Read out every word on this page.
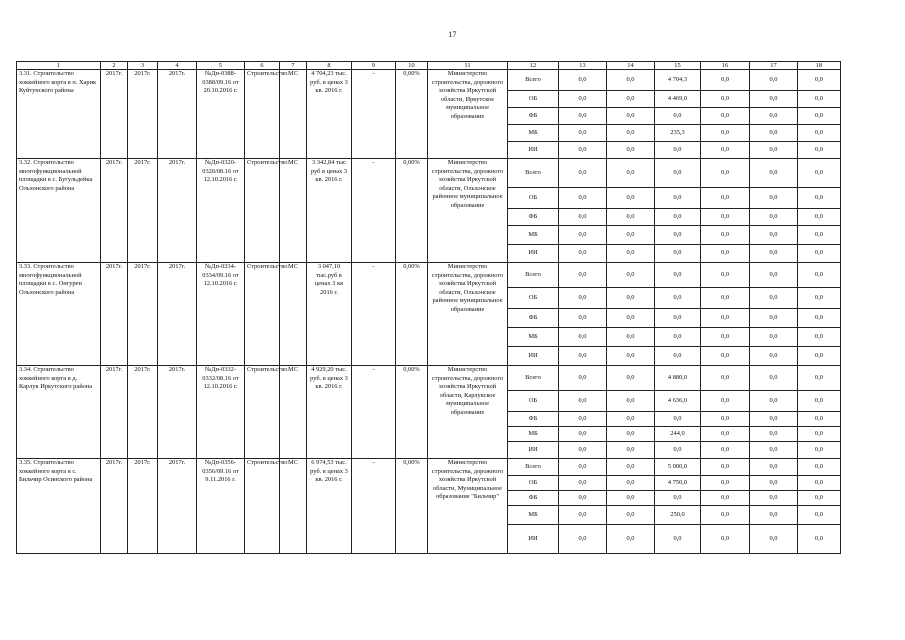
17
1	2	3	4	5	6	7	8	9	10	11	12	13	14	15	16	17	18
3.31. Строительство хоккейного корта в п. Харик Куйтунского района	2017г.	2017г.	2017г.	№Дп-0388-0388/09.16 от 20.10.2016 г.	Строительство	МС	4 704,23 тыс. руб. в ценах 3 кв. 2016 г.	-	0,00%	Министерство строительства, дорожного хозяйства Иркутской области, Иркутское муниципальное образование	Всего	0,0	0,0	4 704,3	0,0	0,0	0,0
											ОБ	0,0	0,0	4 469,0	0,0	0,0	0,0
											ФБ	0,0	0,0	0,0	0,0	0,0	0,0
											МБ	0,0	0,0	235,3	0,0	0,0	0,0
											ИИ	0,0	0,0	0,0	0,0	0,0	0,0
3.32. Строительство многофункциональной площадки в с. Бугульдейка Ольхонского района	2017г.	2017г.	2017г.	№Дп-0320-0320/08.16 от 12.10.2016 г.	Строительство	МС	3 342,84 тыс руб в ценах 3 кв. 2016 г.	-	0,00%	Министерство строительства, дорожного хозяйства Иркутской области, Ольхонское районное муниципальное образование	Всего	0,0	0,0	0,0	0,0	0,0	0,0
											ОБ	0,0	0,0	0,0	0,0	0,0	0,0
											ФБ	0,0	0,0	0,0	0,0	0,0	0,0
											МБ	0,0	0,0	0,0	0,0	0,0	0,0
											ИИ	0,0	0,0	0,0	0,0	0,0	0,0
3.33. Строительство многофункциональной площадки в с. Онгурен Ольхонского района	2017г.	2017г.	2017г.	№Дп-0334-0334/09.16 от 12.10.2016 г.	Строительство	МС	3 047,10 тыс.руб в ценах 3 кв 2016 г.	-	0,00%	Министерство строительства, дорожного хозяйства Иркутской области, Ольхонское районное муниципальное образование	Всего	0,0	0,0	0,0	0,0	0,0	0,0
											ОБ	0,0	0,0	0,0	0,0	0,0	0,0
											ФБ	0,0	0,0	0,0	0,0	0,0	0,0
											МБ	0,0	0,0	0,0	0,0	0,0	0,0
											ИИ	0,0	0,0	0,0	0,0	0,0	0,0
3.34. Строительство хоккейного корта в д. Карлук Иркутского района	2017г.	2017г.	2017г.	№Дп-0332-0332/08.16 от 12.10.2016 г.	Строительство	МС	4 929,20 тыс. руб. в ценах 3 кв. 2016 г.	-	0,00%	Министерство строительства, дорожного хозяйства Иркутской области, Карлукское муниципальное образование	Всего	0,0	0,0	4 880,0	0,0	0,0	0,0
											ОБ	0,0	0,0	4 636,0	0,0	0,0	0,0
											ФБ	0,0	0,0	0,0	0,0	0,0	0,0
											МБ	0,0	0,0	244,0	0,0	0,0	0,0
											ИИ	0,0	0,0	0,0	0,0	0,0	0,0
3.35. Строительство хоккейного корта в с. Бильчир Осинского района	2017г.	2017г.	2017г.	№Дп-0356-0356/09.16 от 9.11.2016 г.	Строительство	МС	6 974,53 тыс. руб. в ценах 3 кв. 2016 г.	-	0,00%	Министерство строительства, дорожного хозяйства Иркутской области, Муниципальное образование "Бильчир"	Всего	0,0	0,0	5 000,0	0,0	0,0	0,0
											ОБ	0,0	0,0	4 750,0	0,0	0,0	0,0
											ФБ	0,0	0,0	0,0	0,0	0,0	0,0
											МБ	0,0	0,0	250,0	0,0	0,0	0,0
											ИИ	0,0	0,0	0,0	0,0	0,0	0,0
